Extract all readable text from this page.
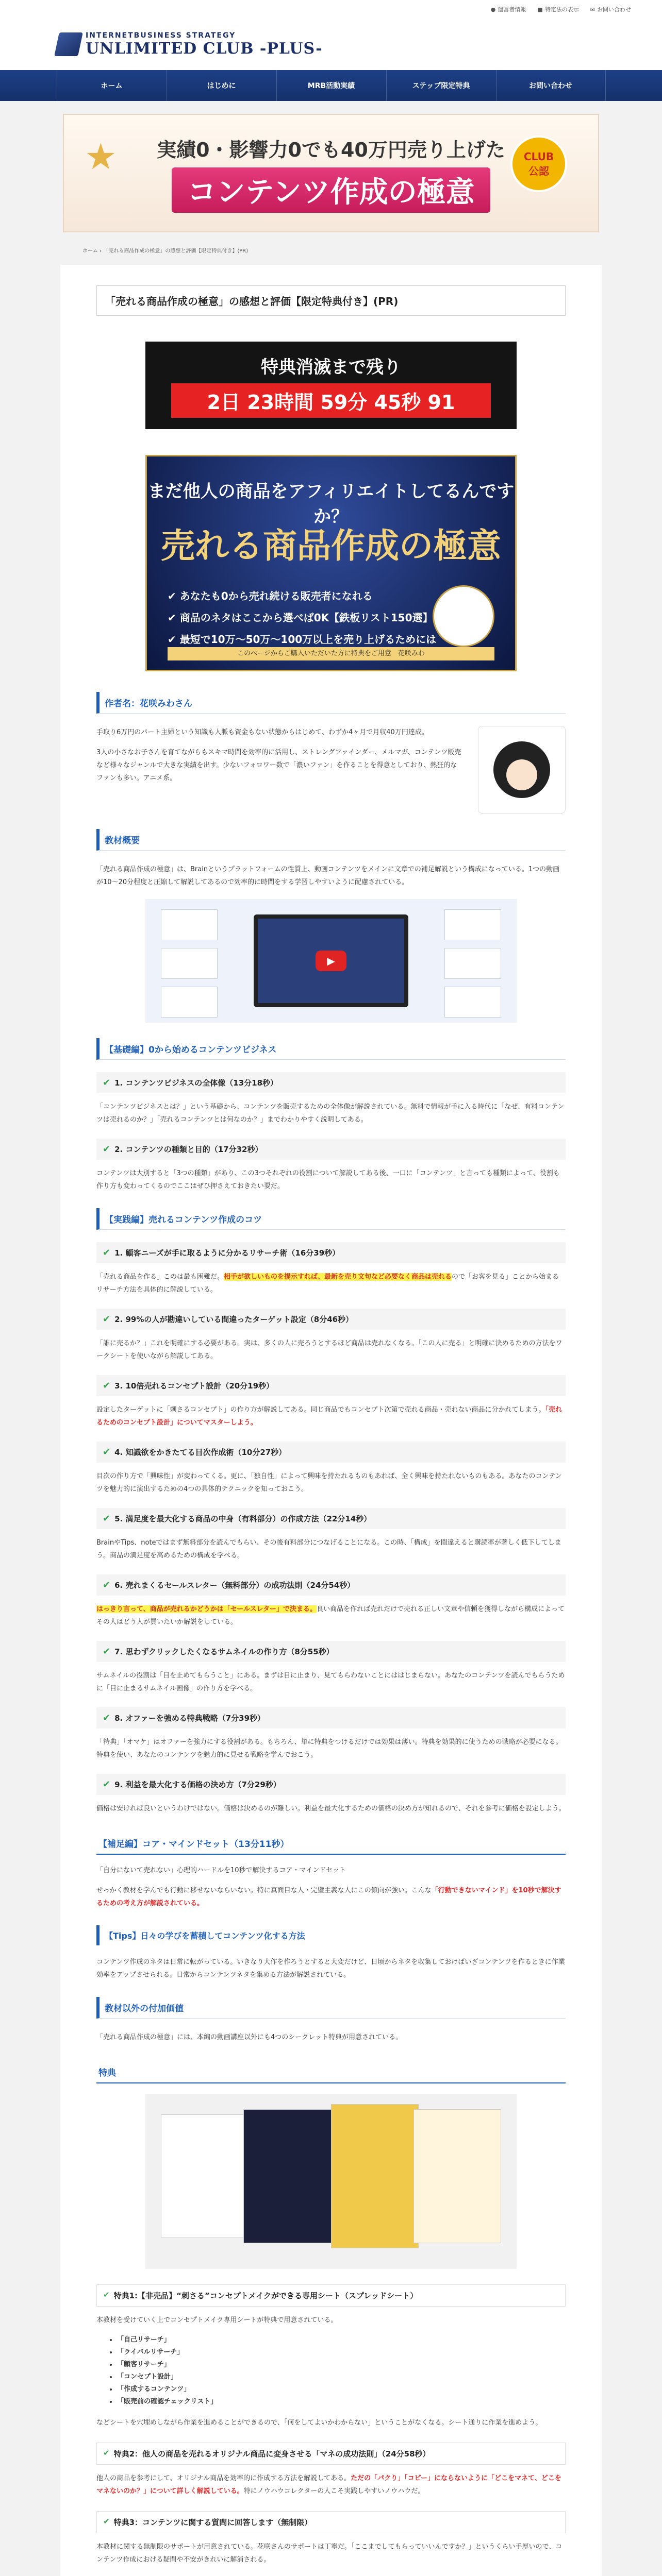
● 運営者情報 ■ 特定法の表示 ✉ お問い合わせ
INTERNETBUSINESS STRATEGY
UNLIMITED CLUB -PLUS-
ホーム	はじめに	MRB活動実績	ステップ限定特典	お問い合わせ
★	実績0・影響力0でも40万円売り上げた
コンテンツ作成の極意
CLUB
公認
ホーム › 「売れる商品作成の極意」の感想と評価【限定特典付き】(PR)
「売れる商品作成の極意」の感想と評価【限定特典付き】(PR)
特典消滅まで残り
2日 23時間 59分 45秒 91
まだ他人の商品をアフィリエイトしてるんですか？
売れる商品作成の極意
✔ あなたも0から売れ続ける販売者になれる
✔ 商品のネタはここから選べば0K【鉄板リスト150選】
✔ 最短で10万〜50万〜100万以上を売り上げるためには
このページからご購入いただいた方に特典をご用意　花咲みわ
作者名：花咲みわさん

手取り6万円のパート主婦という知識も人脈も資金もない状態からはじめて、わずか4ヶ月で月収40万円達成。

3人の小さなお子さんを育てながらもスキマ時間を効率的に活用し、ストレングファインダー、メルマガ、コンテンツ販売など様々なジャンルで大きな実績を出す。少ないフォロワー数で「濃いファン」を作ることを得意としており、熱狂的なファンも多い。アニメ系。

教材概要

「売れる商品作成の極意」は、Brainというプラットフォームの性質上、動画コンテンツをメインに文章での補足解説という構成になっている。1つの動画が10〜20分程度と圧縮して解説してあるので効率的に時間をする学習しやすいように配慮されている。

▶
【基礎編】0から始めるコンテンツビジネス
✔ 1. コンテンツビジネスの全体像（13分18秒）

「コンテンツビジネスとは？」という基礎から、コンテンツを販売するための全体像が解説されている。無料で情報が手に入る時代に「なぜ、有料コンテンツは売れるのか？」「売れるコンテンツとは何なのか？」までわかりやすく説明してある。

✔ 2. コンテンツの種類と目的（17分32秒）

コンテンツは大別すると「3つの種類」があり、この3つそれぞれの役割について解説してある後、一口に「コンテンツ」と言っても種類によって、役割も作り方も変わってくるのでここはぜひ押さえておきたい要だ。

【実践編】売れるコンテンツ作成のコツ
✔ 1. 顧客ニーズが手に取るように分かるリサーチ術（16分39秒）

「売れる商品を作る」このは最も困難だ。相手が欲しいものを提示すれば、最新を売り文句など必要なく商品は売れるので「お客を見る」ことから始まるリサーチ方法を具体的に解説している。

✔ 2. 99%の人が勘違いしている間違ったターゲット設定（8分46秒）

「誰に売るか？」これを明確にする必要がある。実は、多くの人に売ろうとするほど商品は売れなくなる。「この人に売る」と明確に決めるための方法をワークシートを使いながら解説してある。

✔ 3. 10倍売れるコンセプト設計（20分19秒）

設定したターゲットに「刺さるコンセプト」の作り方が解説してある。同じ商品でもコンセプト次第で売れる商品・売れない商品に分かれてしまう。「売れるためのコンセプト設計」についてマスターしよう。

✔ 4. 知識欲をかきたてる目次作成術（10分27秒）

目次の作り方で「興味性」が変わってくる。更に、「独自性」によって興味を持たれるものもあれば、全く興味を持たれないものもある。あなたのコンテンツを魅力的に演出するための4つの具体的テクニックを知っておこう。

✔ 5. 満足度を最大化する商品の中身（有料部分）の作成方法（22分14秒）

BrainやTips、noteではまず無料部分を読んでもらい、その後有料部分につなげることになる。この時、「構成」を間違えると購読率が著しく低下してしまう。商品の満足度を高めるための構成を学べる。

✔ 6. 売れまくるセールスレター（無料部分）の成功法則（24分54秒）

はっきり言って、商品が売れるかどうかは「セールスレター」で決まる。良い商品を作れば売れだけで売れる正しい文章や信頼を獲得しながら構成によってその人はどう人が買いたいか解説をしている。

✔ 7. 思わずクリックしたくなるサムネイルの作り方（8分55秒）

サムネイルの役割は「目を止めてもらうこと」にある。まずは目に止まり、見てもらわないことにははじまらない。あなたのコンテンツを読んでもらうために「目に止まるサムネイル画像」の作り方を学べる。

✔ 8. オファーを強める特典戦略（7分39秒）

「特典」「オマケ」はオファーを強力にする役割がある。もちろん、単に特典をつけるだけでは効果は薄い。特典を効果的に使うための戦略が必要になる。特典を使い、あなたのコンテンツを魅力的に見せる戦略を学んでおこう。

✔ 9. 利益を最大化する価格の決め方（7分29秒）

価格は安ければ良いというわけではない。価格は決めるのが難しい。利益を最大化するための価格の決め方が知れるので、それを参考に価格を設定しよう。

【補足編】コア・マインドセット（13分11秒）

「自分にないて売れない」心理的ハードルを10秒で解決するコア・マインドセット

せっかく教材を学んでも行動に移せないならいない。特に真面目な人・完璧主義な人にこの傾向が強い。こんな「行動できないマインド」を10秒で解決するための考え方が解説されている。

【Tips】日々の学びを蓄積してコンテンツ化する方法

コンテンツ作成のネタは日常に転がっている。いきなり大作を作ろうとすると大変だけど、日頃からネタを収集しておけばいざコンテンツを作るときに作業効率をアップさせられる。日常からコンテンツネタを集める方法が解説されている。

教材以外の付加価値

「売れる商品作成の極意」には、本編の動画講座以外にも4つのシークレット特典が用意されている。

特典
✔ 特典1:【非売品】“刺さる”コンセプトメイクができる専用シート（スプレッドシート）

本教材を受けていく上でコンセプトメイク専用シートが特典で用意されている。

• 「自己リサーチ」
• 「ライバルリサーチ」
• 「顧客リサーチ」
• 「コンセプト設計」
• 「作成するコンテンツ」
• 「販売前の確認チェックリスト」

などシートを穴埋めしながら作業を進めることができるので、「何をしてよいかわからない」ということがなくなる。シート通りに作業を進めよう。

✔ 特典2：他人の商品を売れるオリジナル商品に変身させる「マネの成功法則」（24分58秒）

他人の商品を参考にして、オリジナル商品を効率的に作成する方法を解説してある。ただの「パクり」「コピー」にならないように「どこをマネて、どこをマネないのか？」について詳しく解説している。特にノウハウコレクターの人こそ実践しやすいノウハウだ。

✔ 特典3：コンテンツに関する質問に回答します（無制限）

本教材に関する無制限のサポートが用意されている。花咲さんのサポートは丁寧だ。「ここまでしてもらっていいんですか？」というくらい手厚いので、コンテンツ作成における疑問や不安がきれいに解消される。
